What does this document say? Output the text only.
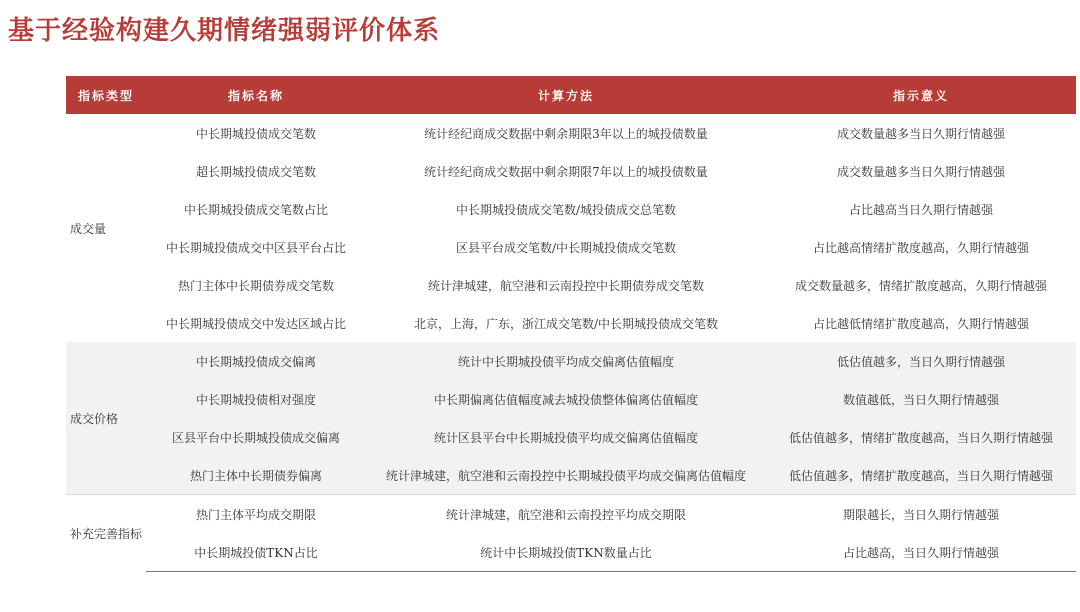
基于经验构建久期情绪强弱评价体系
指标类型	指标名称	计算方法	指示意义
成交量	中长期城投债成交笔数	统计经纪商成交数据中剩余期限3年以上的城投债数量	成交数量越多当日久期行情越强
	超长期城投债成交笔数	统计经纪商成交数据中剩余期限7年以上的城投债数量	成交数量越多当日久期行情越强
	中长期城投债成交笔数占比	中长期城投债成交笔数/城投债成交总笔数	占比越高当日久期行情越强
	中长期城投债成交中区县平台占比	区县平台成交笔数/中长期城投债成交笔数	占比越高情绪扩散度越高，久期行情越强
	热门主体中长期债券成交笔数	统计津城建，航空港和云南投控中长期债券成交笔数	成交数量越多，情绪扩散度越高，久期行情越强
	中长期城投债成交中发达区域占比	北京，上海，广东，浙江成交笔数/中长期城投债成交笔数	占比越低情绪扩散度越高，久期行情越强
成交价格	中长期城投债成交偏离	统计中长期城投债平均成交偏离估值幅度	低估值越多，当日久期行情越强
	中长期城投债相对强度	中长期偏离估值幅度减去城投债整体偏离估值幅度	数值越低，当日久期行情越强
	区县平台中长期城投债成交偏离	统计区县平台中长期城投债平均成交偏离估值幅度	低估值越多，情绪扩散度越高，当日久期行情越强
	热门主体中长期债券偏离	统计津城建，航空港和云南投控中长期城投债平均成交偏离估值幅度	低估值越多，情绪扩散度越高，当日久期行情越强
补充完善指标	热门主体平均成交期限	统计津城建，航空港和云南投控平均成交期限	期限越长，当日久期行情越强
	中长期城投债TKN占比	统计中长期城投债TKN数量占比	占比越高，当日久期行情越强
